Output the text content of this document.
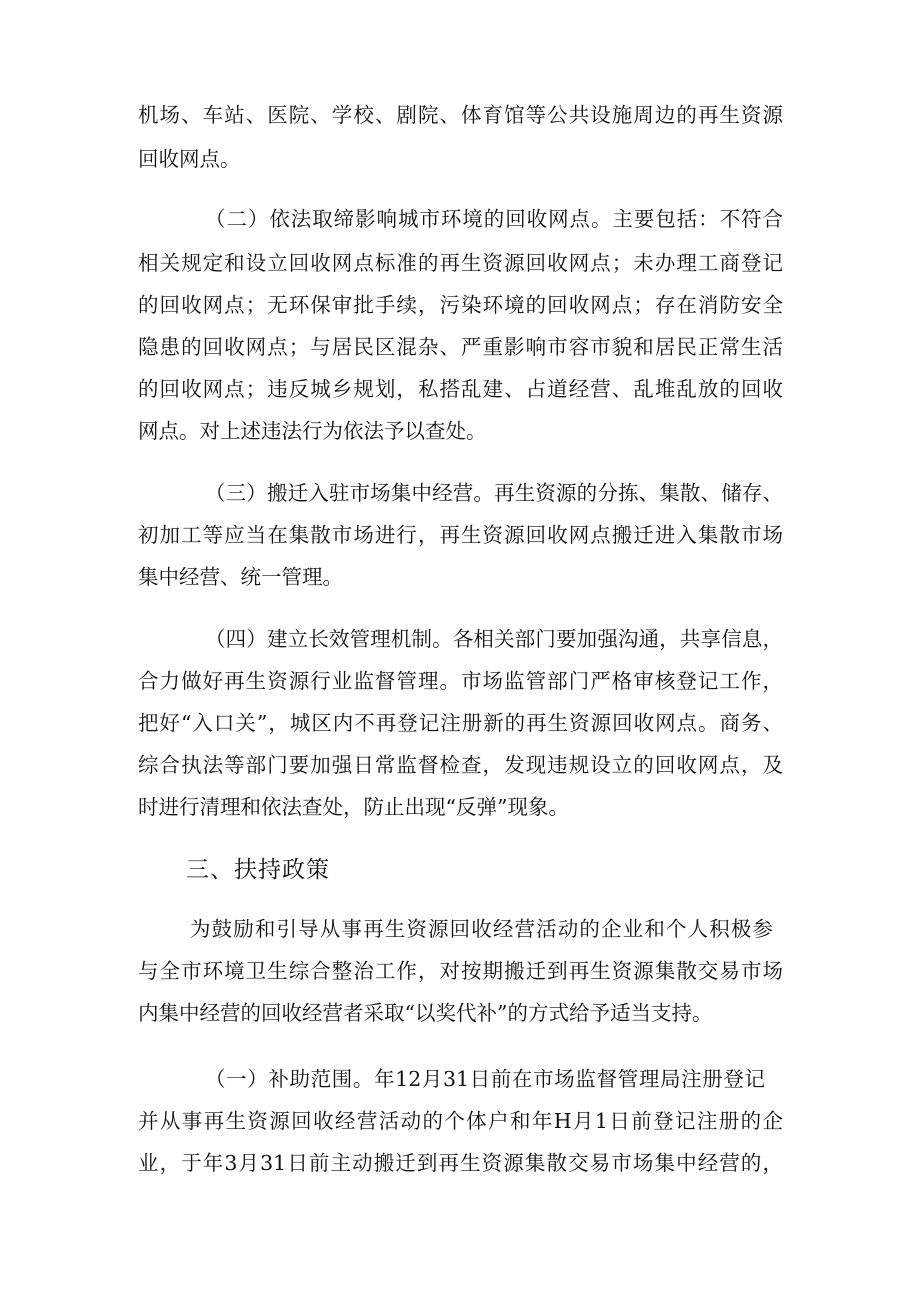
机场、车站、医院、学校、剧院、体育馆等公共设施周边的再生资源
回收网点。
（二）依法取缔影响城市环境的回收网点。主要包括：不符合
相关规定和设立回收网点标准的再生资源回收网点；未办理工商登记
的回收网点；无环保审批手续，污染环境的回收网点；存在消防安全
隐患的回收网点；与居民区混杂、严重影响市容市貌和居民正常生活
的回收网点；违反城乡规划，私搭乱建、占道经营、乱堆乱放的回收
网点。对上述违法行为依法予以查处。
（三）搬迁入驻市场集中经营。再生资源的分拣、集散、储存、
初加工等应当在集散市场进行，再生资源回收网点搬迁进入集散市场
集中经营、统一管理。
（四）建立长效管理机制。各相关部门要加强沟通，共享信息，
合力做好再生资源行业监督管理。市场监管部门严格审核登记工作，
把好“入口关”，城区内不再登记注册新的再生资源回收网点。商务、
综合执法等部门要加强日常监督检查，发现违规设立的回收网点，及
时进行清理和依法查处，防止出现“反弹”现象。
三、扶持政策
为鼓励和引导从事再生资源回收经营活动的企业和个人积极参
与全市环境卫生综合整治工作，对按期搬迁到再生资源集散交易市场
内集中经营的回收经营者采取“以奖代补”的方式给予适当支持。
（一）补助范围。年12月31日前在市场监督管理局注册登记
并从事再生资源回收经营活动的个体户和年H月1日前登记注册的企
业，于年3月31日前主动搬迁到再生资源集散交易市场集中经营的，
